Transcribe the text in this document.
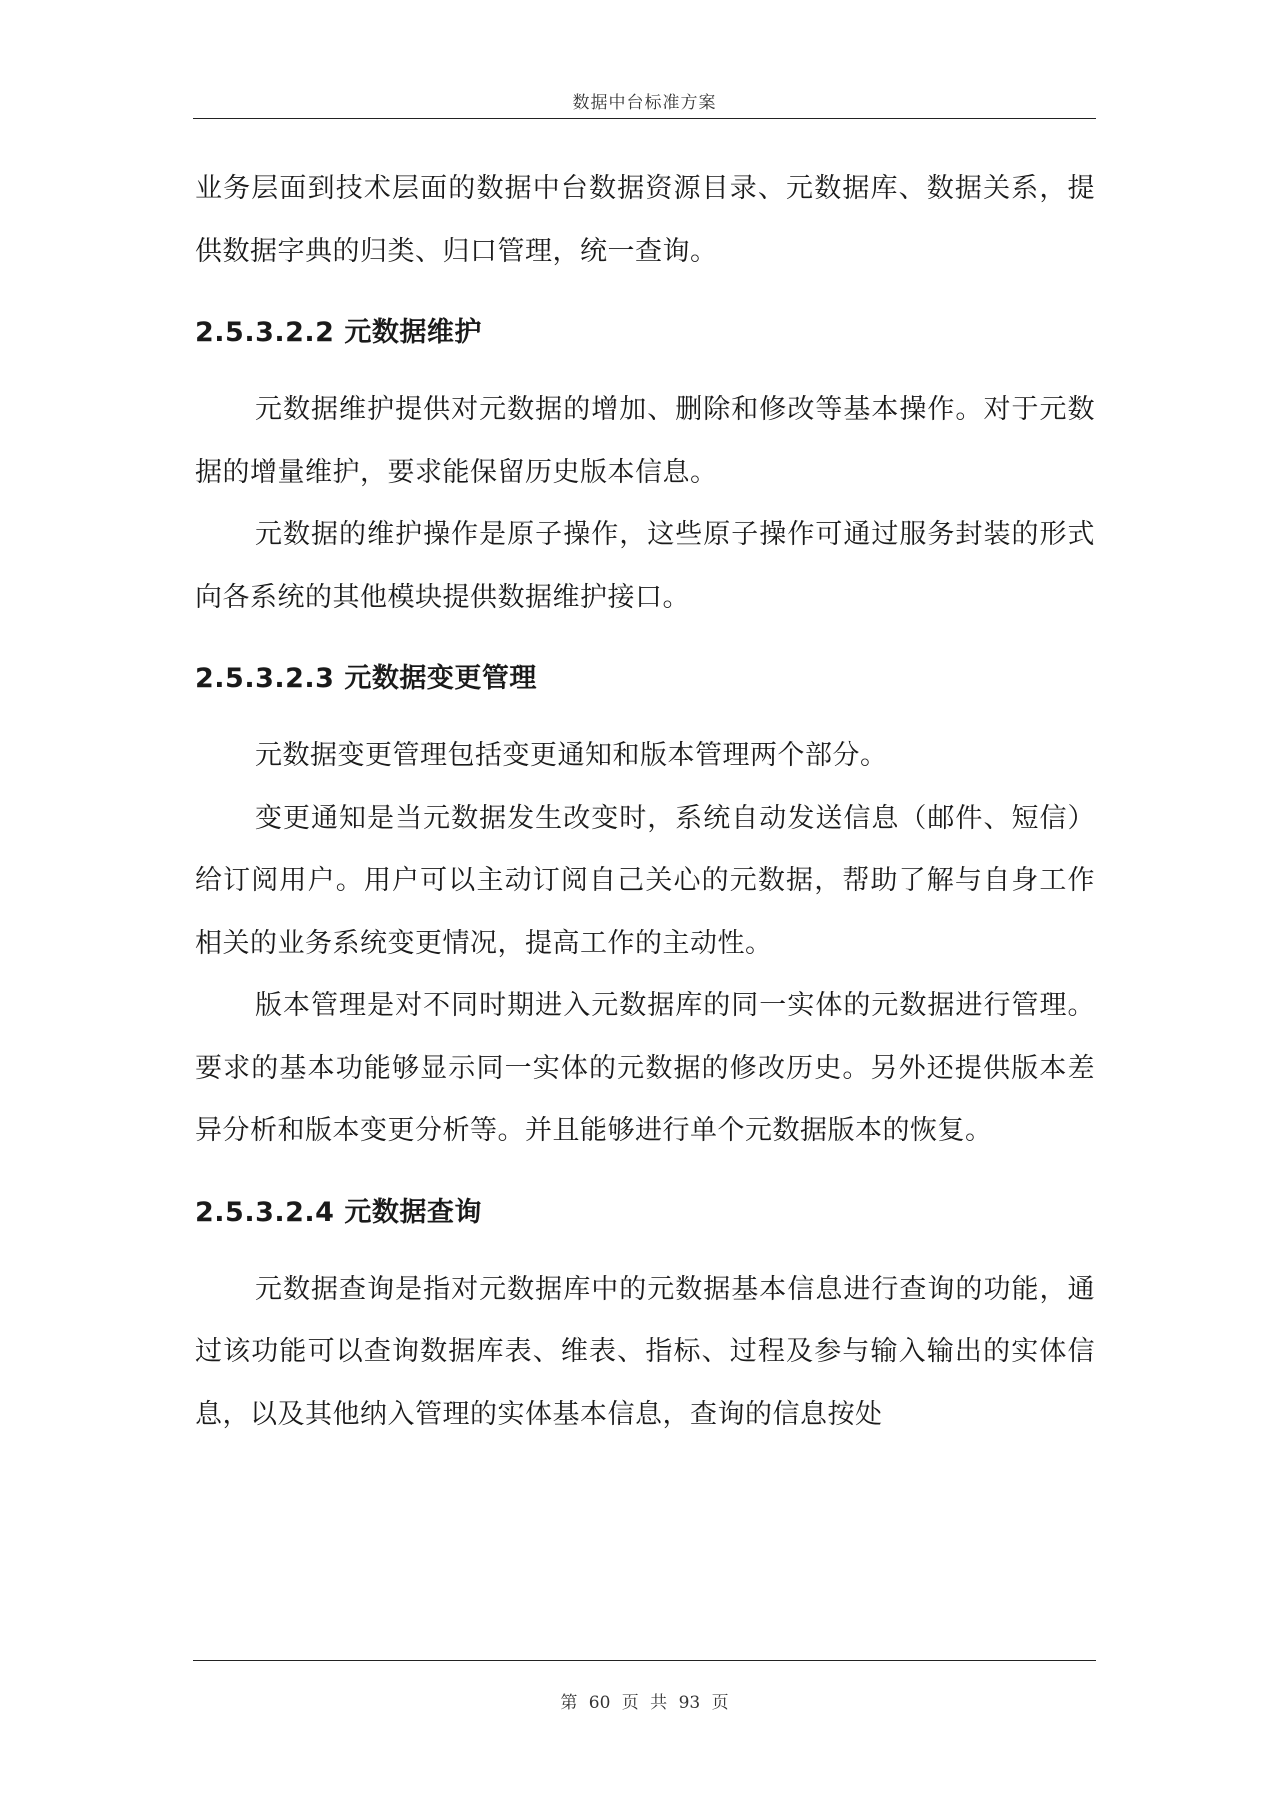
数据中台标准方案

业务层面到技术层面的数据中台数据资源目录、元数据库、数据关系，提供数据字典的归类、归口管理，统一查询。

2.5.3.2.2 元数据维护

元数据维护提供对元数据的增加、删除和修改等基本操作。对于元数据的增量维护，要求能保留历史版本信息。

元数据的维护操作是原子操作，这些原子操作可通过服务封装的形式向各系统的其他模块提供数据维护接口。

2.5.3.2.3 元数据变更管理

元数据变更管理包括变更通知和版本管理两个部分。

变更通知是当元数据发生改变时，系统自动发送信息（邮件、短信）给订阅用户。用户可以主动订阅自己关心的元数据，帮助了解与自身工作相关的业务系统变更情况，提高工作的主动性。

版本管理是对不同时期进入元数据库的同一实体的元数据进行管理。要求的基本功能够显示同一实体的元数据的修改历史。另外还提供版本差异分析和版本变更分析等。并且能够进行单个元数据版本的恢复。

2.5.3.2.4 元数据查询

元数据查询是指对元数据库中的元数据基本信息进行查询的功能，通过该功能可以查询数据库表、维表、指标、过程及参与输入输出的实体信息，以及其他纳入管理的实体基本信息，查询的信息按处

第 60 页 共 93 页
